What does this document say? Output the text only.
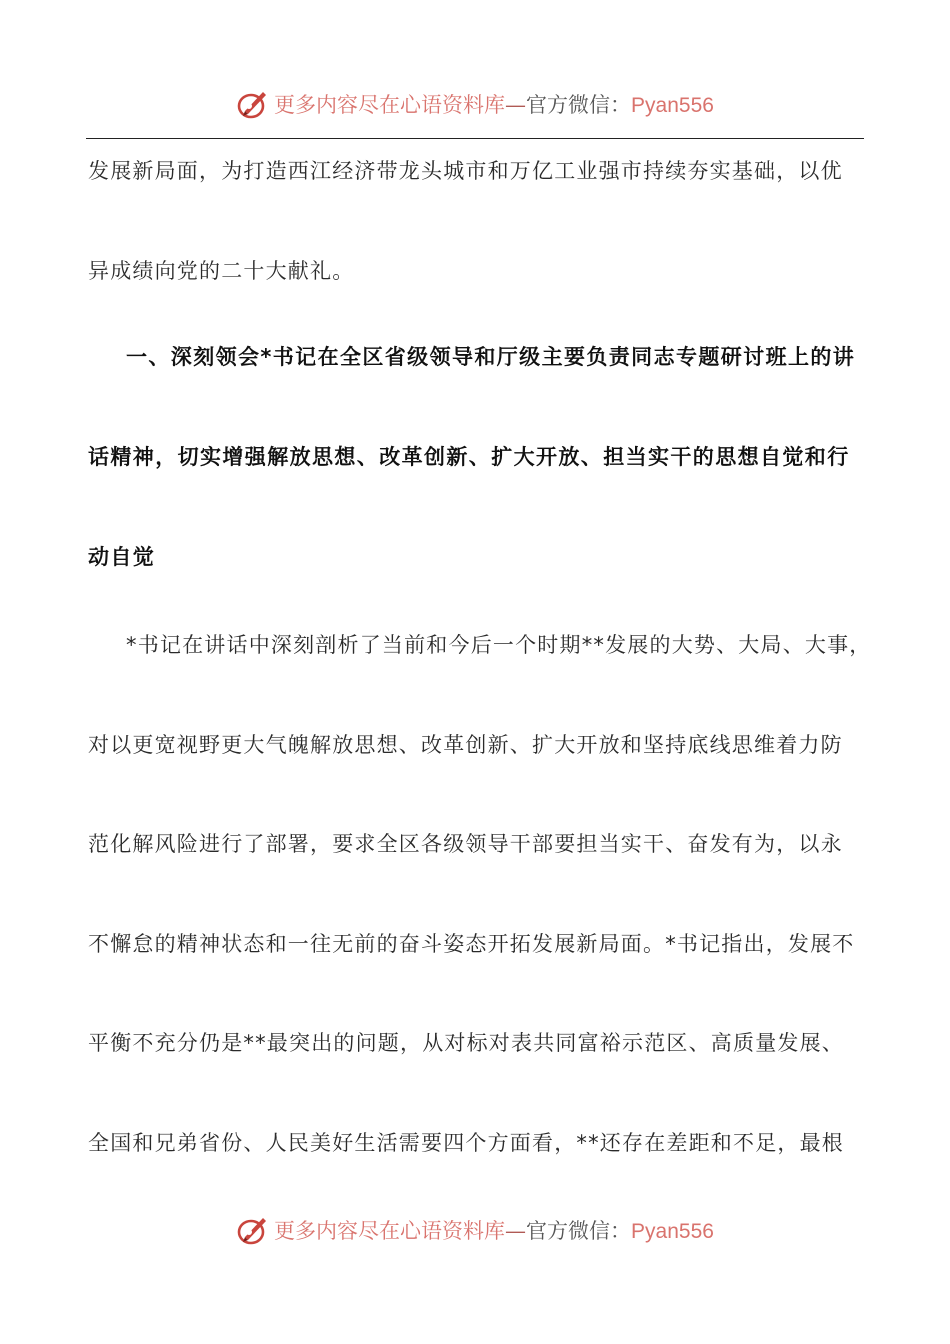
更多内容尽在心语资料库—官方微信：Pyan556
发展新局面，为打造西江经济带龙头城市和万亿工业强市持续夯实基础，以优
异成绩向党的二十大献礼。
一、深刻领会*书记在全区省级领导和厅级主要负责同志专题研讨班上的讲
话精神，切实增强解放思想、改革创新、扩大开放、担当实干的思想自觉和行
动自觉
*书记在讲话中深刻剖析了当前和今后一个时期**发展的大势、大局、大事，
对以更宽视野更大气魄解放思想、改革创新、扩大开放和坚持底线思维着力防
范化解风险进行了部署，要求全区各级领导干部要担当实干、奋发有为，以永
不懈怠的精神状态和一往无前的奋斗姿态开拓发展新局面。*书记指出，发展不
平衡不充分仍是**最突出的问题，从对标对表共同富裕示范区、高质量发展、
全国和兄弟省份、人民美好生活需要四个方面看，**还存在差距和不足，最根
更多内容尽在心语资料库—官方微信：Pyan556
